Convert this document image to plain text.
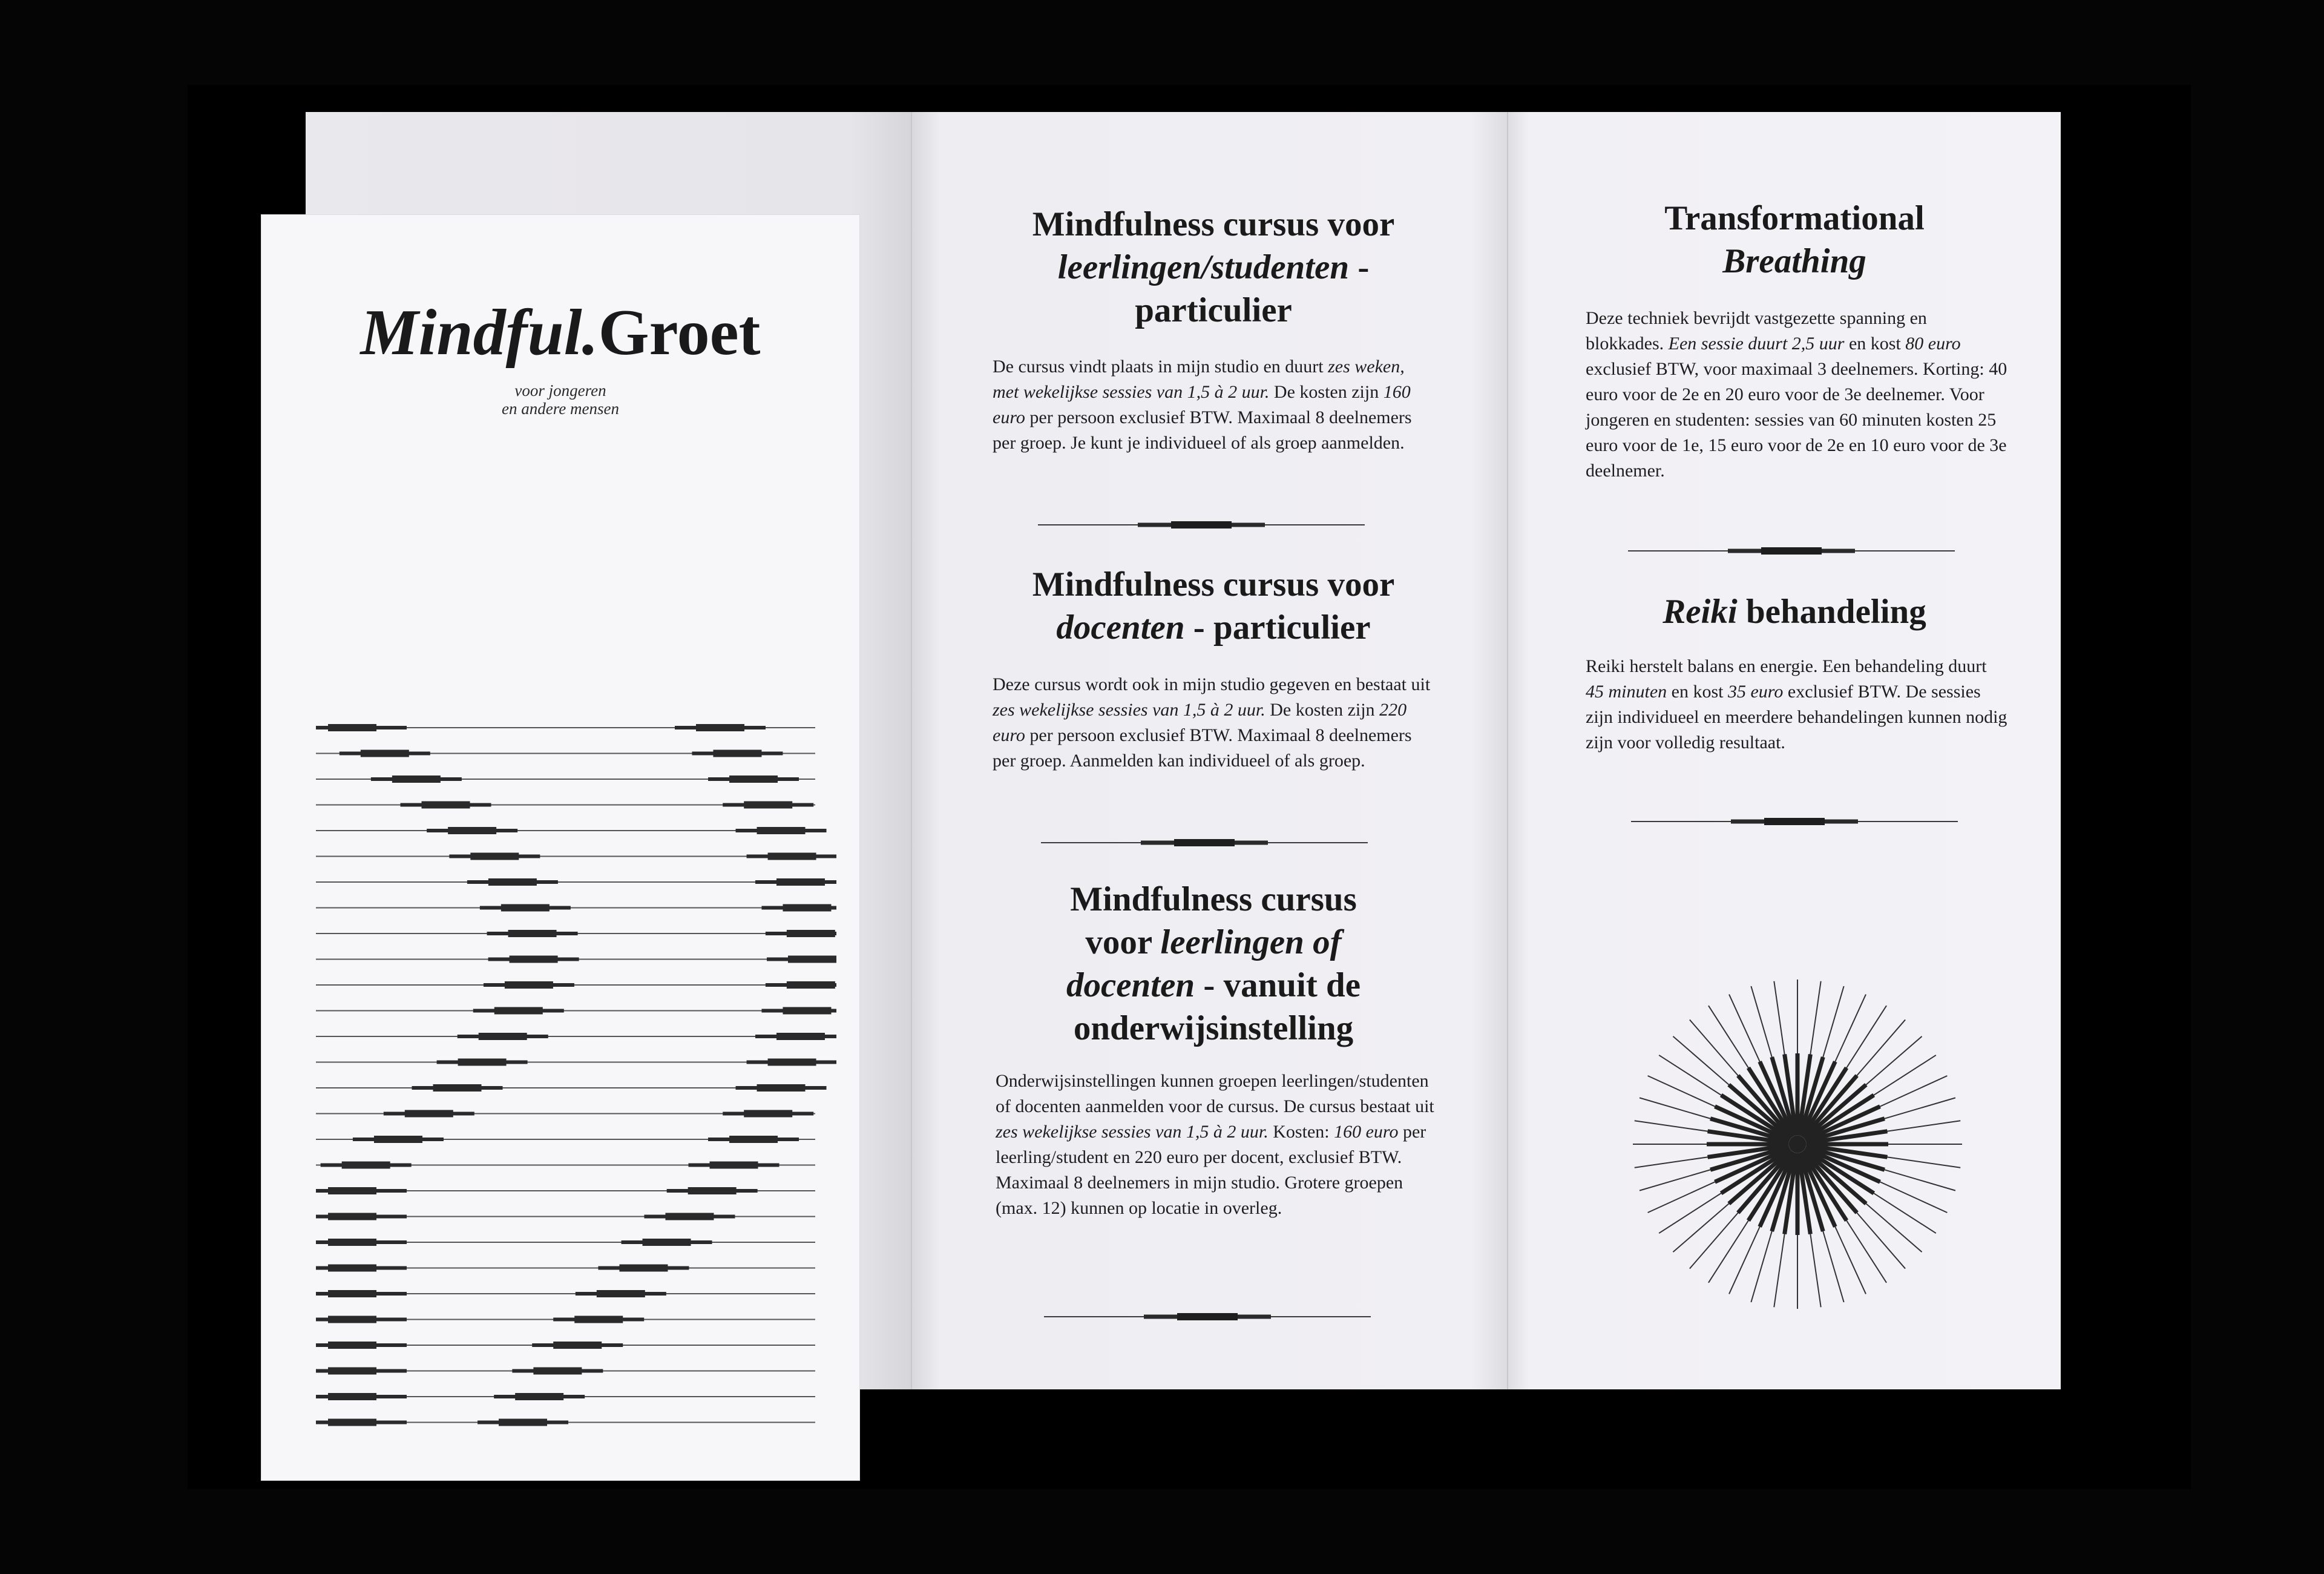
Mindfulness cursus voor
leerlingen/studenten -
particulier

De cursus vindt plaats in mijn studio en duurt zes weken, met wekelijkse sessies van 1,5 à 2 uur. De kosten zijn 160 euro per persoon exclusief BTW. Maximaal 8 deelnemers per groep. Je kunt je individueel of als groep aanmelden.

Mindfulness cursus voor
docenten - particulier

Deze cursus wordt ook in mijn studio gegeven en bestaat uit zes wekelijkse sessies van 1,5 à 2 uur. De kosten zijn 220 euro per persoon exclusief BTW. Maximaal 8 deelnemers per groep. Aanmelden kan individueel of als groep.

Mindfulness cursus
voor leerlingen of
docenten - vanuit de
onderwijsinstelling

Onderwijsinstellingen kunnen groepen leerlingen/studenten of docenten aanmelden voor de cursus. De cursus bestaat uit zes wekelijkse sessies van 1,5 à 2 uur. Kosten: 160 euro per leerling/student en 220 euro per docent, exclusief BTW. Maximaal 8 deelnemers in mijn studio. Grotere groepen (max. 12) kunnen op locatie in overleg.

Transformational
Breathing

Deze techniek bevrijdt vastgezette spanning en blokkades. Een sessie duurt 2,5 uur en kost 80 euro exclusief BTW, voor maximaal 3 deelnemers. Korting: 40 euro voor de 2e en 20 euro voor de 3e deelnemer. Voor jongeren en studenten: sessies van 60 minuten kosten 25 euro voor de 1e, 15 euro voor de 2e en 10 euro voor de 3e deelnemer.

Reiki behandeling

Reiki herstelt balans en energie. Een behandeling duurt 45 minuten en kost 35 euro exclusief BTW. De sessies zijn individueel en meerdere behandelingen kunnen nodig zijn voor volledig resultaat.

Mindful.Groet
voor jongeren
en andere mensen
